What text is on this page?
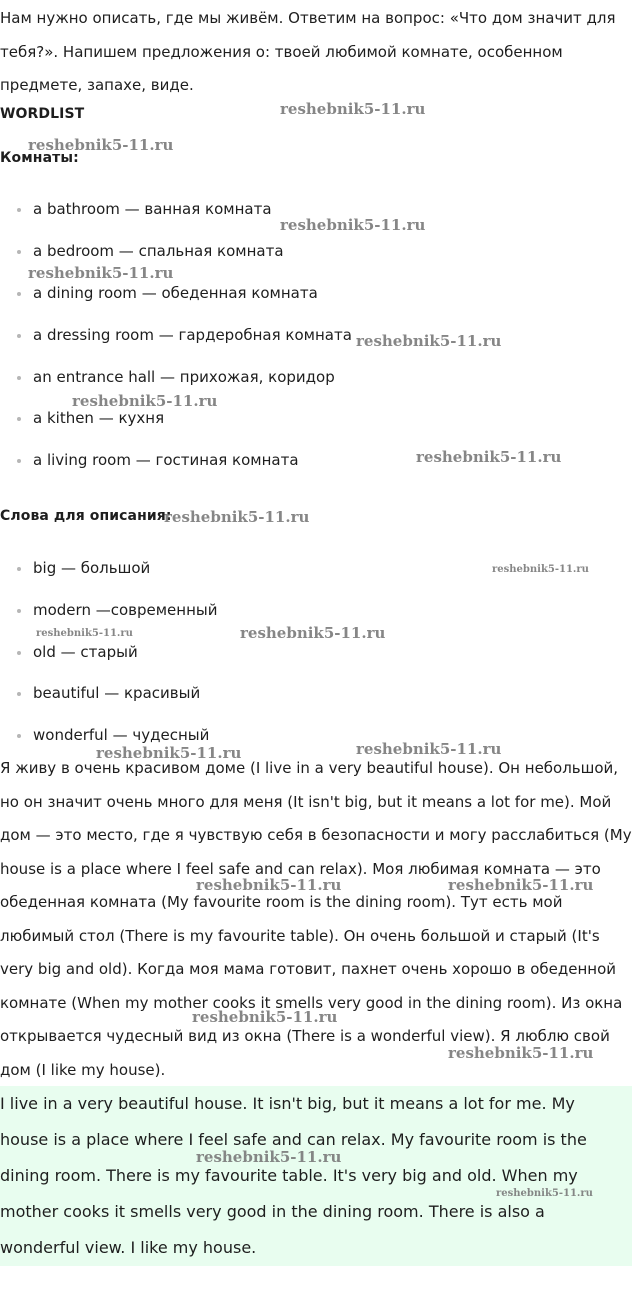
Нам нужно описать, где мы живём. Ответим на вопрос: «Что дом значит для тебя?». Напишем предложения о: твоей любимой комнате, особенном предмете, запахе, виде.

WORDLIST
Комнаты:
a bathroom — ванная комната
a bedroom — спальная комната
a dining room — обеденная комната
a dressing room — гардеробная комната
an entrance hall — прихожая, коридор
a kithen — кухня
a living room — гостиная комната
Слова для описания:
big — большой
modern —современный
old — старый
beautiful — красивый
wonderful — чудесный

Я живу в очень красивом доме (I live in a very beautiful house). Он небольшой, но он значит очень много для меня (It isn't big, but it means a lot for me). Мой дом — это место, где я чувствую себя в безопасности и могу расслабиться (My house is a place where I feel safe and can relax). Моя любимая комната — это обеденная комната (My favourite room is the dining room). Тут есть мой любимый стол (There is my favourite table). Он очень большой и старый (It's very big and old). Когда моя мама готовит, пахнет очень хорошо в обеденной комнате (When my mother cooks it smells very good in the dining room). Из окна открывается чудесный вид из окна (There is a wonderful view). Я люблю свой дом (I like my house).

I live in a very beautiful house. It isn't big, but it means a lot for me. My house is a place where I feel safe and can relax. My favourite room is the dining room. There is my favourite table. It's very big and old. When my mother cooks it smells very good in the dining room. There is also a wonderful view. I like my house.

reshebnik5-11.ru
reshebnik5-11.ru
reshebnik5-11.ru
reshebnik5-11.ru
reshebnik5-11.ru
reshebnik5-11.ru
reshebnik5-11.ru
reshebnik5-11.ru
reshebnik5-11.ru
reshebnik5-11.ru	reshebnik5-11.ru
reshebnik5-11.ru	reshebnik5-11.ru
reshebnik5-11.ru	reshebnik5-11.ru
reshebnik5-11.ru
reshebnik5-11.ru
reshebnik5-11.ru
reshebnik5-11.ru
